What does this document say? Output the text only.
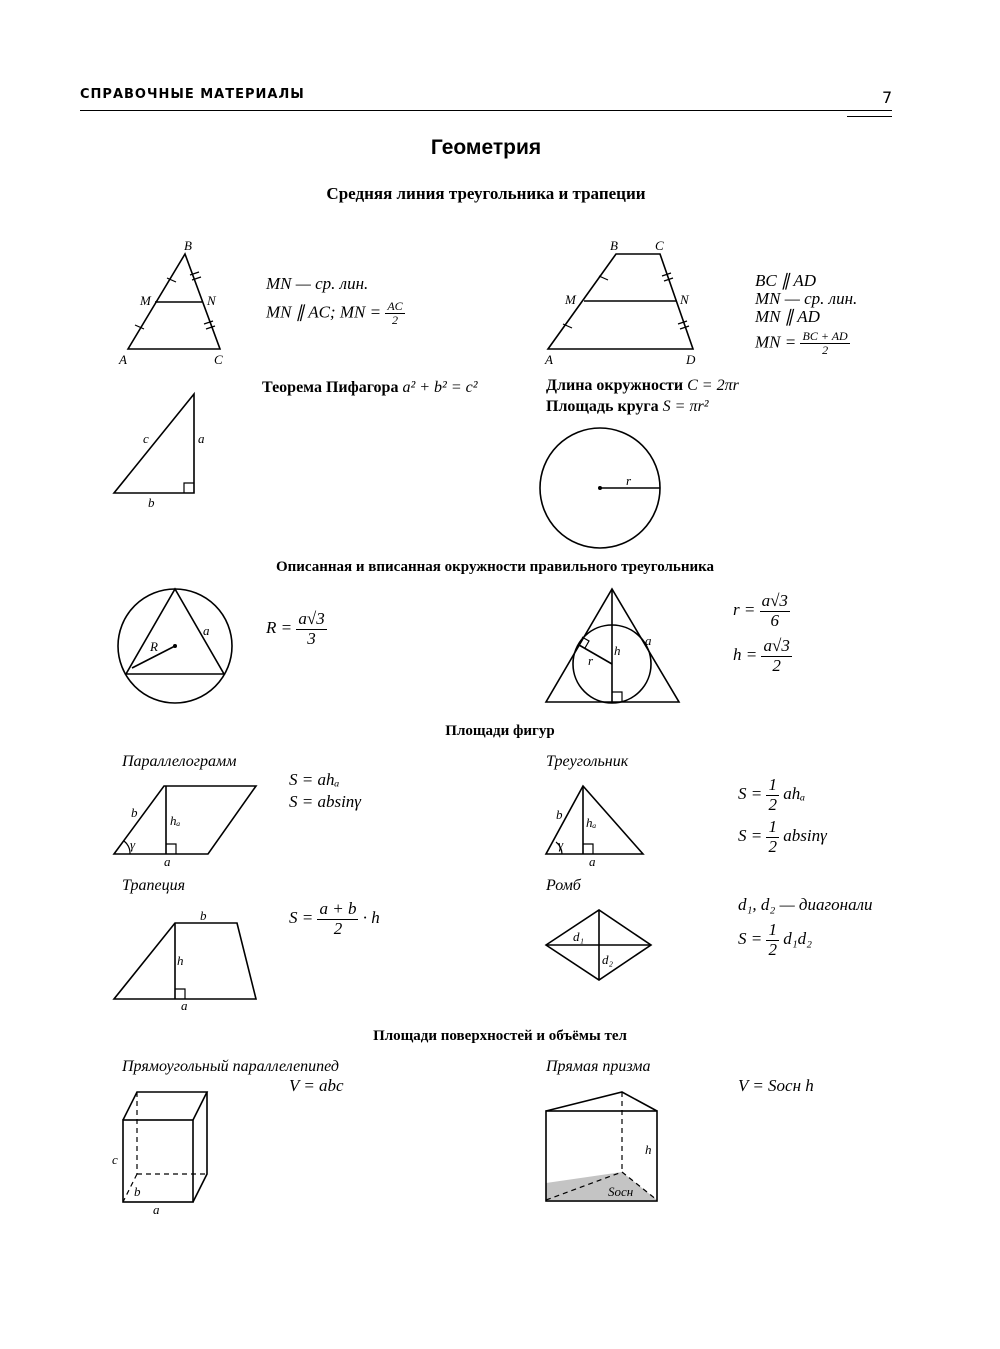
СПРАВОЧНЫЕ МАТЕРИАЛЫ	7
Геометрия
Средняя линия треугольника и трапеции
Описанная и вписанная окружности правильного треугольника
Площади фигур
Площади поверхностей и объёмы тел
B
M	N
A	C
B	C
M	N
A	D
c	a
b
r
R
a
a
h
r
b
hₐ
γ
a
b
hₐ
γ
a
b
h
a
d₁
d₂
c
b
a
h
Sосн
MN — ср. лин.
MN ∥ AC; MN = $\frac{AC}{2}$
BC ∥ AD
MN — ср. лин.
MN ∥ AD
MN = $\frac{BC + AD}{2}$
Теорема Пифагора a² + b² = c²	Длина окружности C = 2πr
Площадь круга S = πr²
$R = \frac{a√3}{3}$
$r = \frac{a√3}{6}$
$h = \frac{a√3}{2}$
Параллелограмм
S = ahₐ
S = absinγ
Треугольник
$S = \frac{1}{2}$ ahₐ
$S = \frac{1}{2}$ absinγ
Трапеция
$S = \frac{a + b}{2} \cdot h$
Ромб
d₁, d₂ — диагонали
$S = \frac{1}{2} d_1d_2$
Прямоугольный параллелепипед
V = abc
Прямая призма
V = Sосн h
